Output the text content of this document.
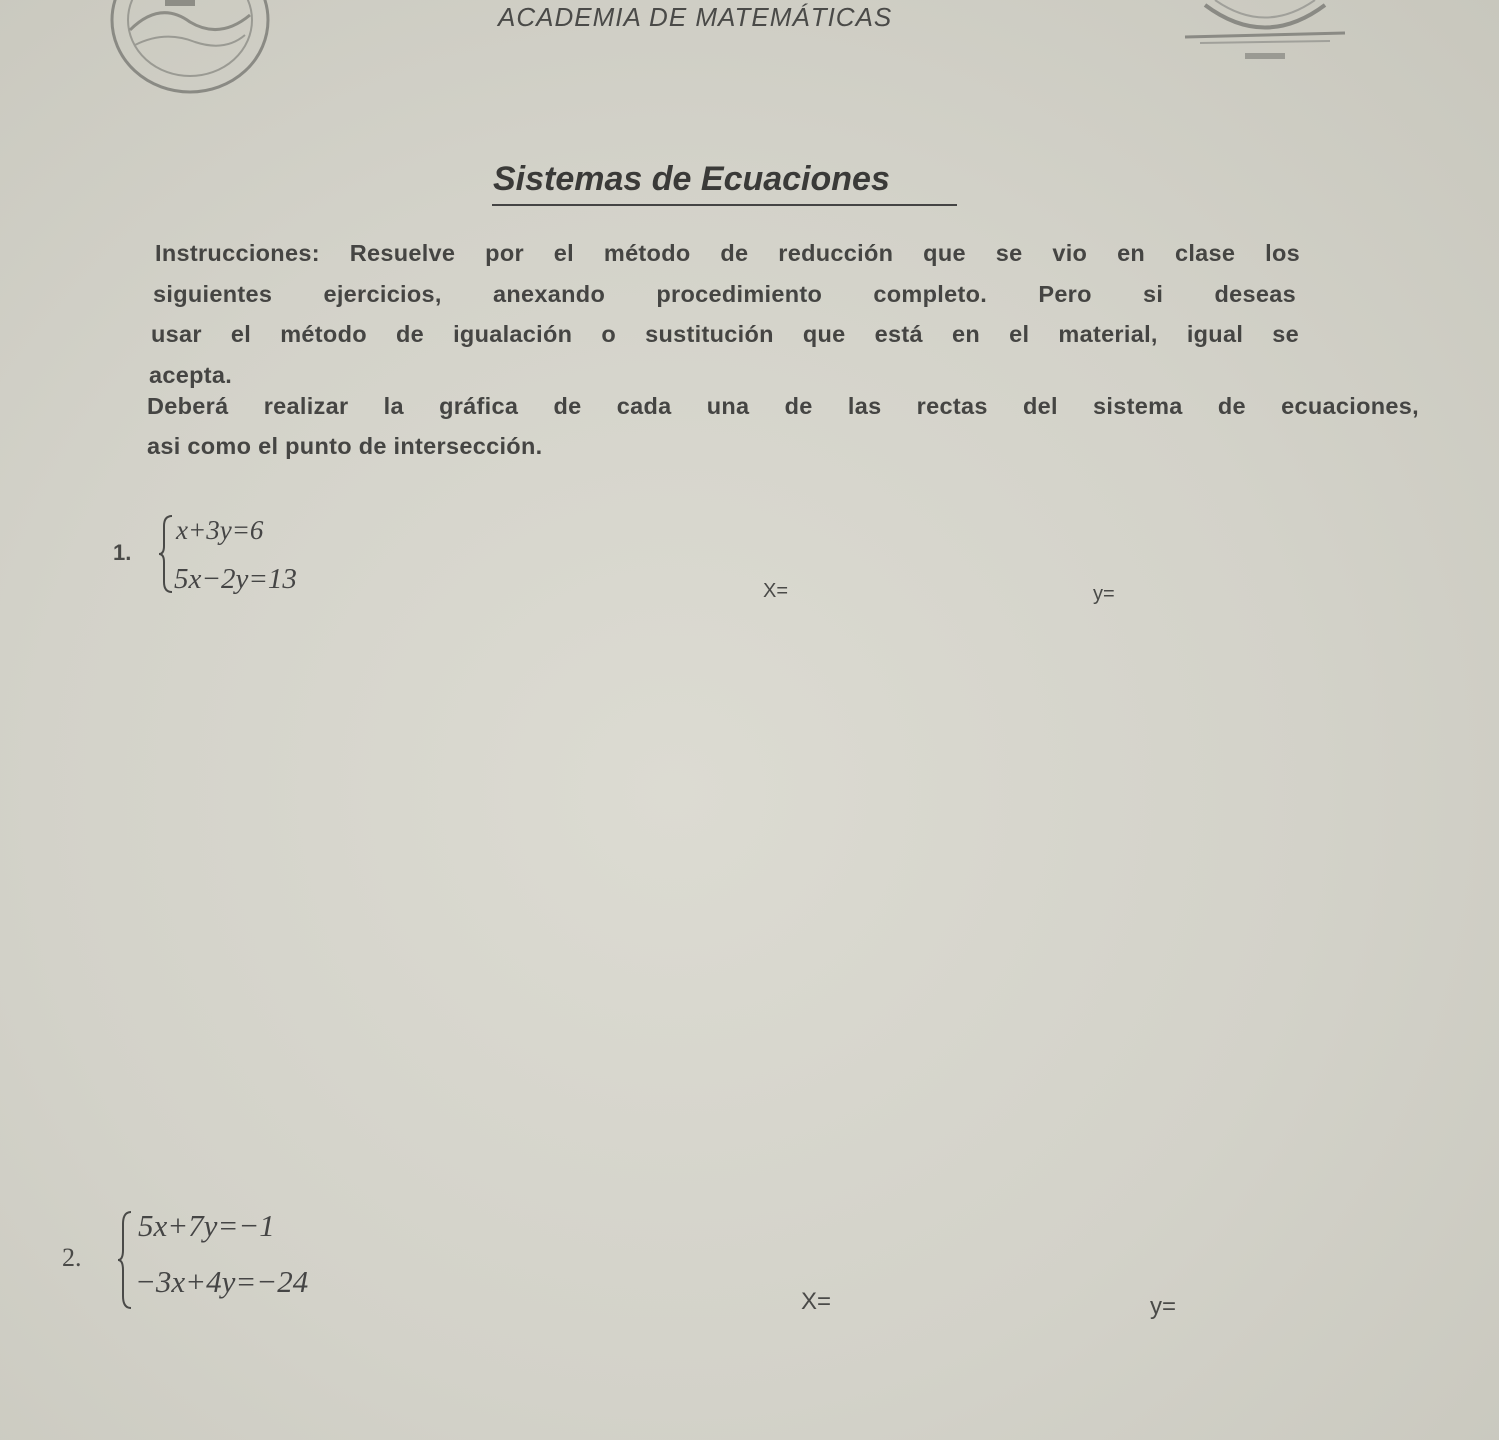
ACADEMIA DE MATEMÁTICAS
Sistemas de Ecuaciones
Instrucciones: Resuelve por el método de reducción que se vio en clase los
siguientes ejercicios, anexando procedimiento completo. Pero si deseas
usar el método de igualación o sustitución que está en el material, igual se
acepta.
Deberá realizar la gráfica de cada una de las rectas del sistema de ecuaciones,
asi como el punto de intersección.
1.
x+3y=6
5x−2y=13	X=	y=
2.
5x+7y=−1
−3x+4y=−24
X=	y=
